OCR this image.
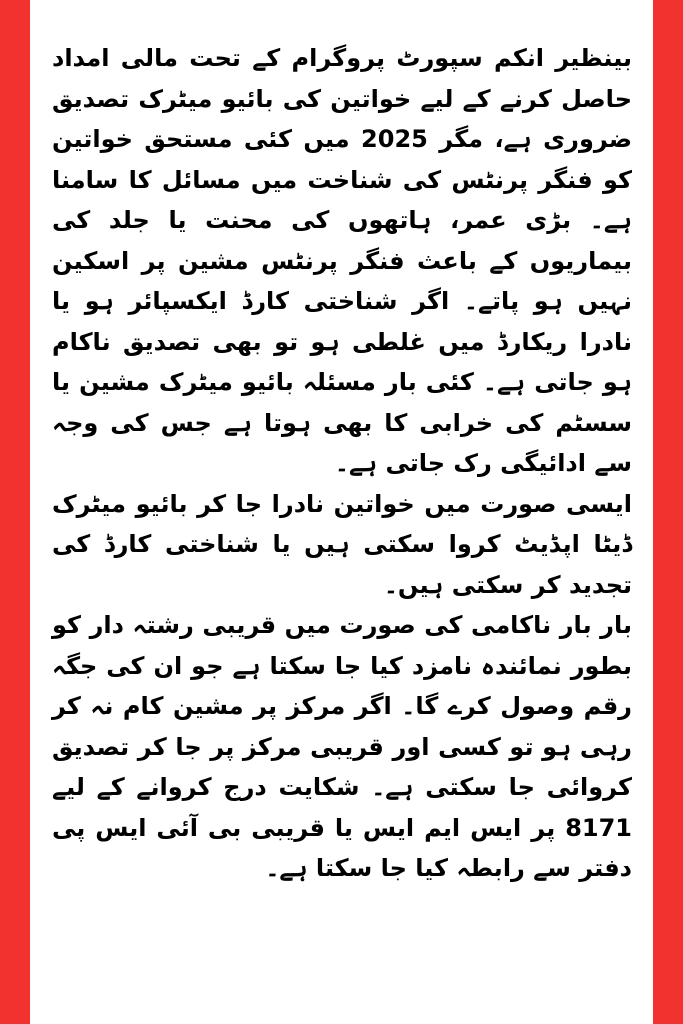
بینظیر انکم سپورٹ پروگرام کے تحت مالی امداد حاصل کرنے کے لیے خواتین کی بائیو میٹرک تصدیق ضروری ہے، مگر 2025 میں کئی مستحق خواتین کو فنگر پرنٹس کی شناخت میں مسائل کا سامنا ہے۔ بڑی عمر، ہاتھوں کی محنت یا جلد کی بیماریوں کے باعث فنگر پرنٹس مشین پر اسکین نہیں ہو پاتے۔ اگر شناختی کارڈ ایکسپائر ہو یا نادرا ریکارڈ میں غلطی ہو تو بھی تصدیق ناکام ہو جاتی ہے۔ کئی بار مسئلہ بائیو میٹرک مشین یا سسٹم کی خرابی کا بھی ہوتا ہے جس کی وجہ سے ادائیگی رک جاتی ہے۔

ایسی صورت میں خواتین نادرا جا کر بائیو میٹرک ڈیٹا اپڈیٹ کروا سکتی ہیں یا شناختی کارڈ کی تجدید کر سکتی ہیں۔

بار بار ناکامی کی صورت میں قریبی رشتہ دار کو بطور نمائندہ نامزد کیا جا سکتا ہے جو ان کی جگہ رقم وصول کرے گا۔ اگر مرکز پر مشین کام نہ کر رہی ہو تو کسی اور قریبی مرکز پر جا کر تصدیق کروائی جا سکتی ہے۔ شکایت درج کروانے کے لیے 8171 پر ایس ایم ایس یا قریبی بی آئی ایس پی دفتر سے رابطہ کیا جا سکتا ہے۔
